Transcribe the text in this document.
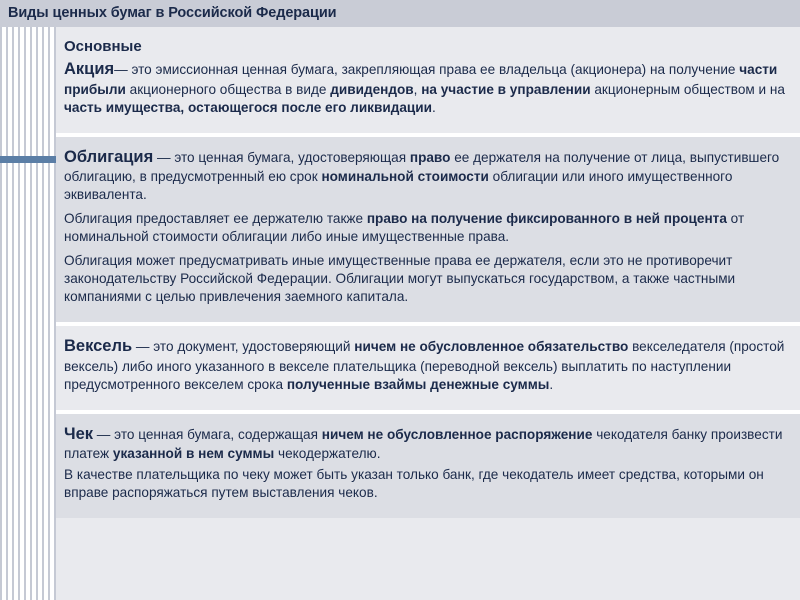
Виды ценных бумаг в Российской Федерации
Основные

Акция— это эмиссионная ценная бумага, закрепляющая права ее владельца (акционера) на получение части прибыли акционерного общества в виде дивидендов, на участие в управлении акционерным обществом и на часть имущества, остающегося после его ликвидации.

Облигация — это ценная бумага, удостоверяющая право ее держателя на получение от лица, выпустившего облигацию, в предусмотренный ею срок номинальной стоимости облигации или иного имущественного эквивалента.

Облигация предоставляет ее держателю также право на получение фиксированного в ней процента от номинальной стоимости облигации либо иные имущественные права.

Облигация может предусматривать иные имущественные права ее держателя, если это не противоречит законодательству Российской Федерации. Облигации могут выпускаться государством, а также частными компаниями с целью привлечения заемного капитала.

Вексель — это документ, удостоверяющий ничем не обусловленное обязательство векселедателя (простой вексель) либо иного указанного в векселе плательщика (переводной вексель) выплатить по наступлении предусмотренного векселем срока полученные взаймы денежные суммы.

Чек — это ценная бумага, содержащая ничем не обусловленное распоряжение чекодателя банку произвести платеж указанной в нем суммы чекодержателю.

В качестве плательщика по чеку может быть указан только банк, где чекодатель имеет средства, которыми он вправе распоряжаться путем выставления чеков.
